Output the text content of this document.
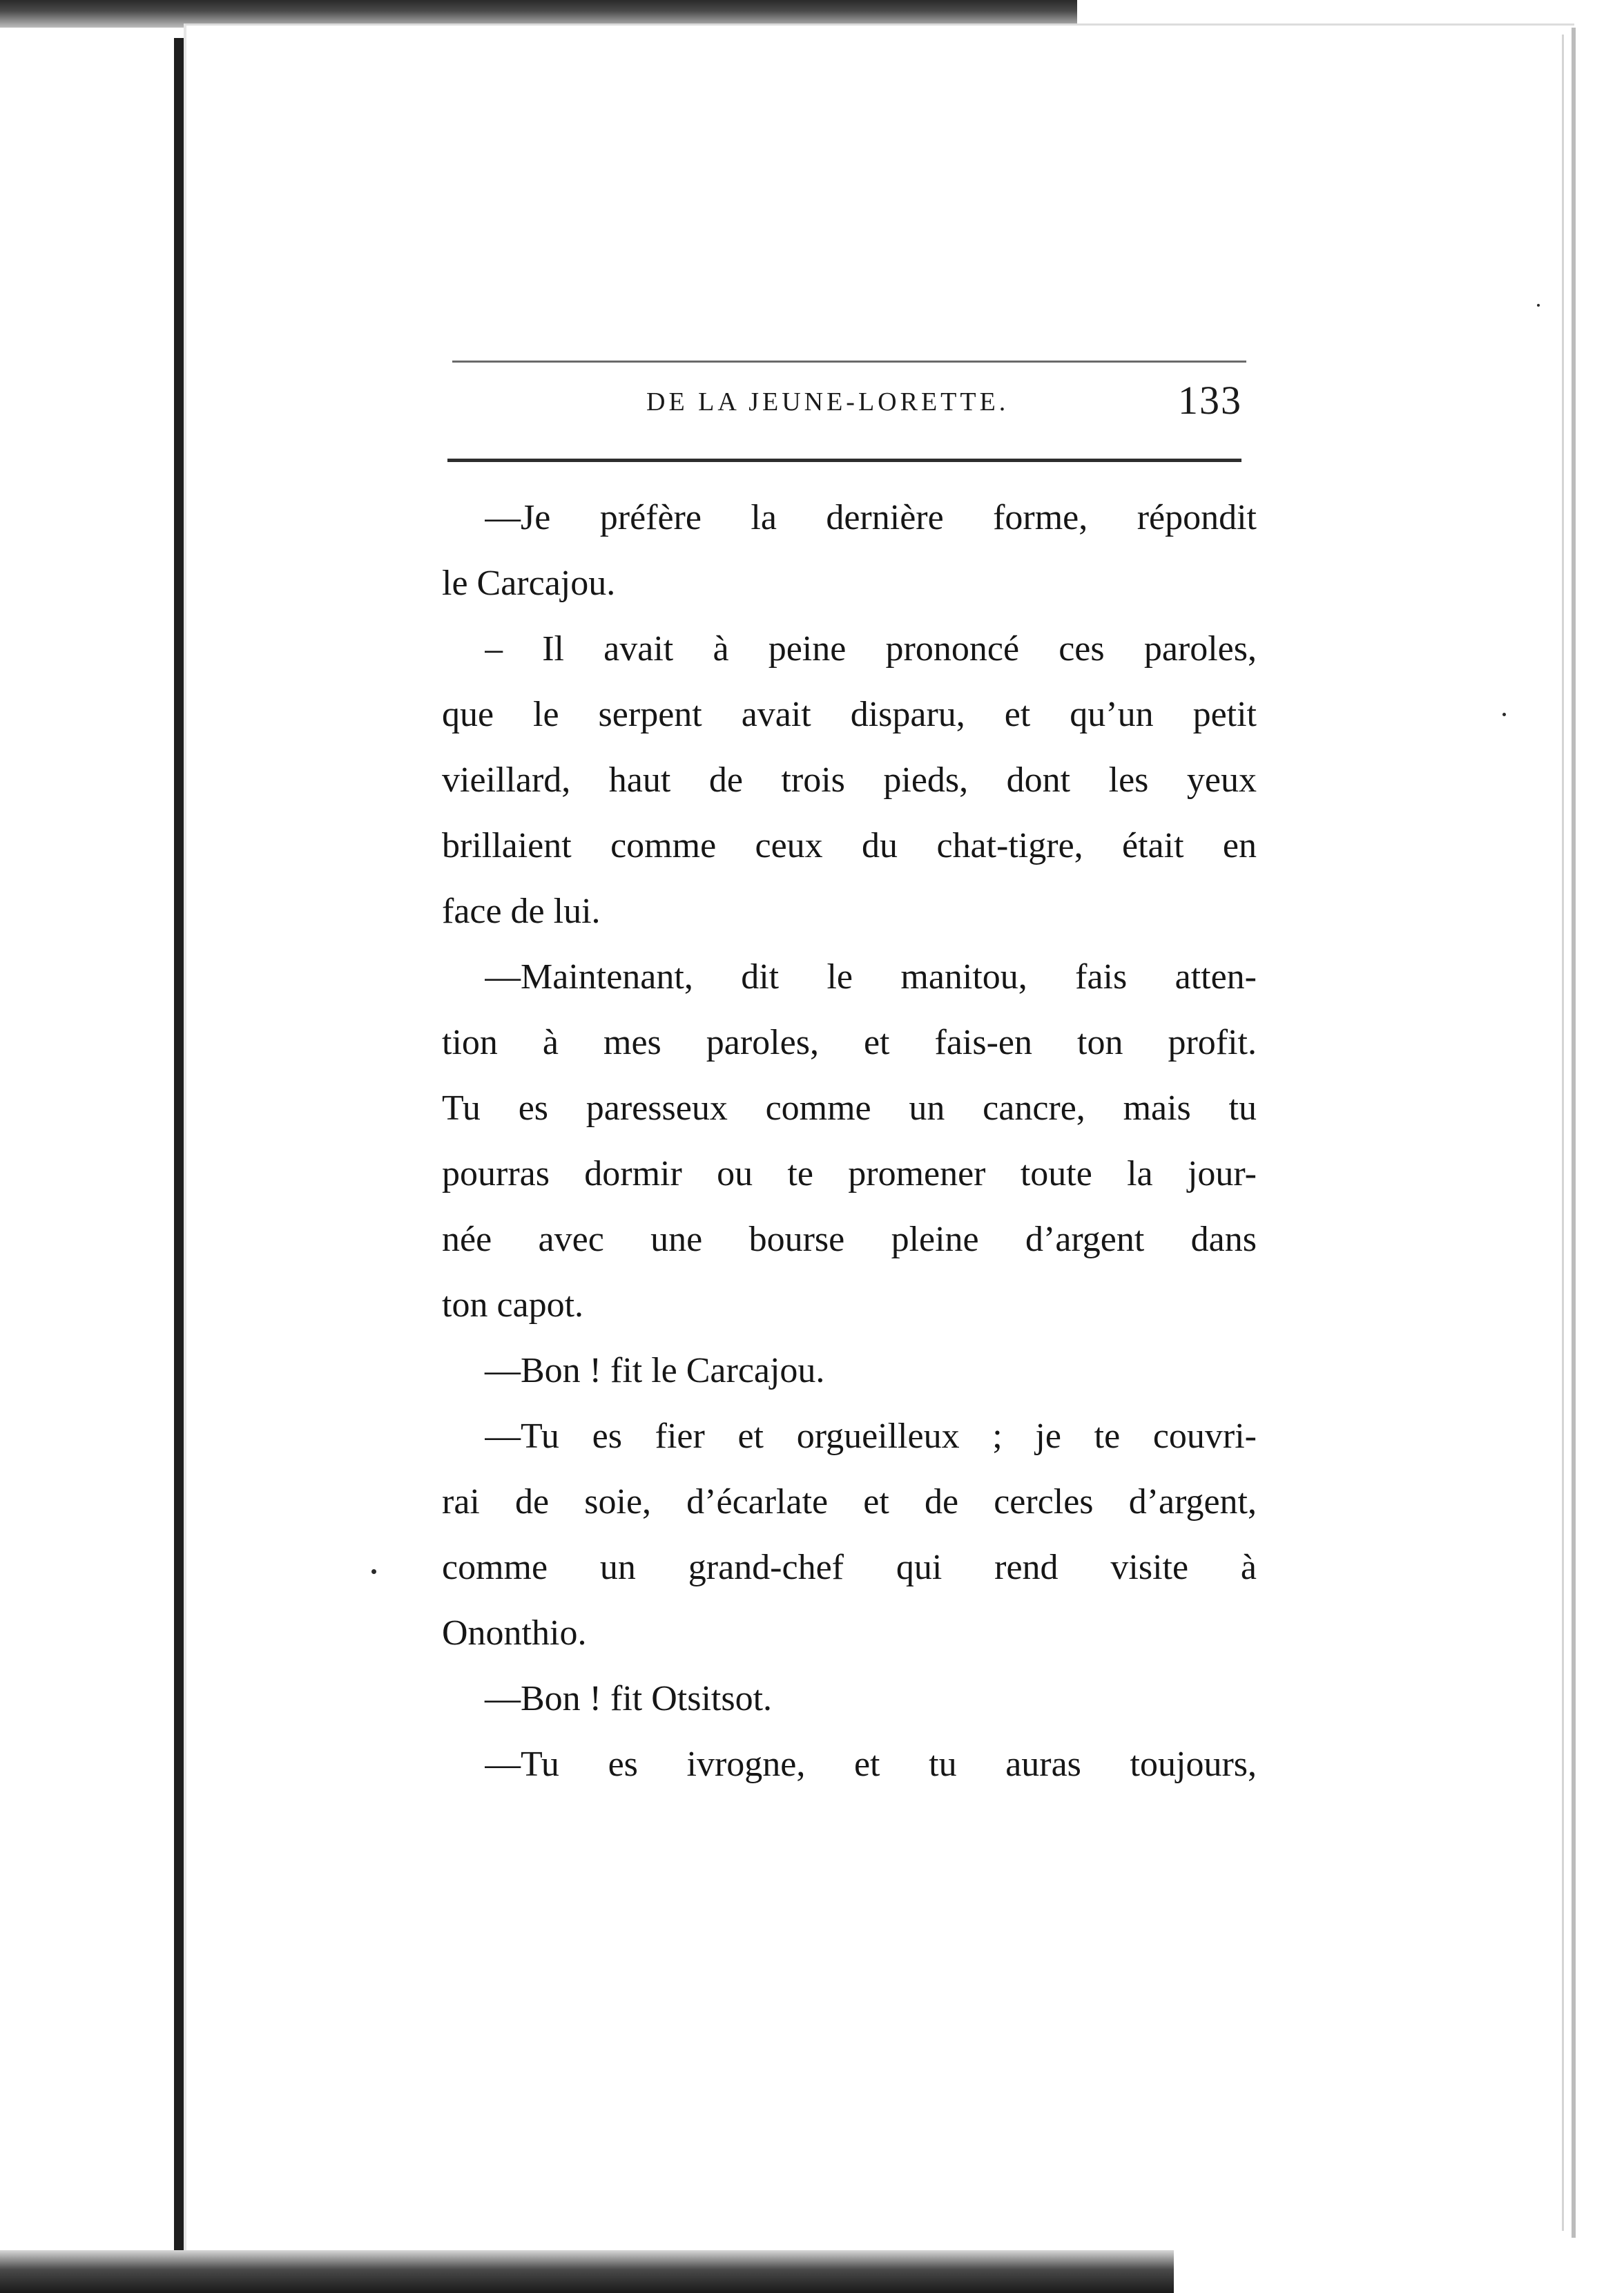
DE LA JEUNE-LORETTE.	133
—Je préfère la dernière forme, répondit
le Carcajou.
– Il avait à peine prononcé ces paroles,
que le serpent avait disparu, et qu’un petit
vieillard, haut de trois pieds, dont les yeux
brillaient comme ceux du chat-tigre, était en
face de lui.
—Maintenant, dit le manitou, fais atten-
tion à mes paroles, et fais-en ton profit.
Tu es paresseux comme un cancre, mais tu
pourras dormir ou te promener toute la jour-
née avec une bourse pleine d’argent dans
ton capot.
—Bon ! fit le Carcajou.
—Tu es fier et orgueilleux ; je te couvri-
rai de soie, d’écarlate et de cercles d’argent,
comme un grand-chef qui rend visite à
Ononthio.
—Bon ! fit Otsitsot.
—Tu es ivrogne, et tu auras toujours,
